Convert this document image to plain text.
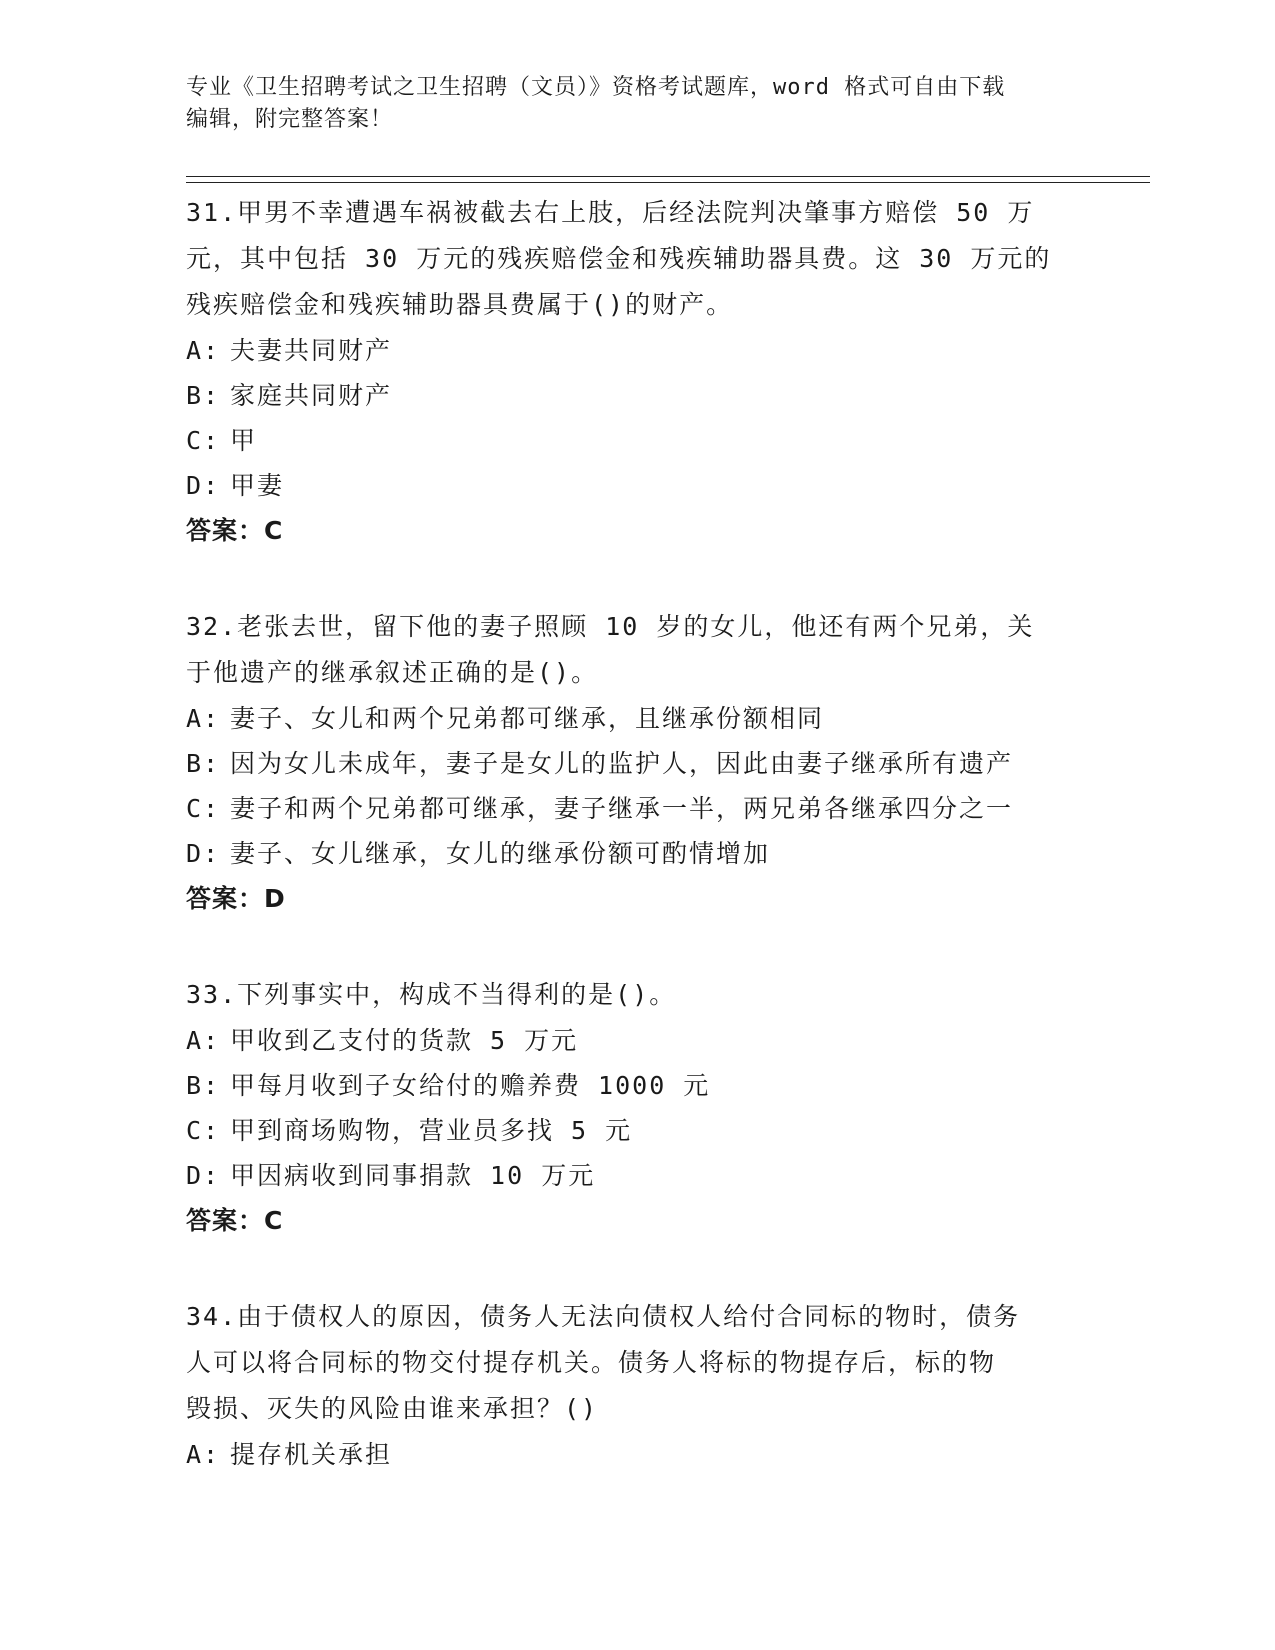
专业《卫生招聘考试之卫生招聘（文员）》资格考试题库，word 格式可自由下载
编辑，附完整答案！
31.甲男不幸遭遇车祸被截去右上肢，后经法院判决肇事方赔偿 50 万
元，其中包括 30 万元的残疾赔偿金和残疾辅助器具费。这 30 万元的
残疾赔偿金和残疾辅助器具费属于()的财产。
A: 夫妻共同财产
B: 家庭共同财产
C: 甲
D: 甲妻
答案：C
32.老张去世，留下他的妻子照顾 10 岁的女儿，他还有两个兄弟，关
于他遗产的继承叙述正确的是()。
A: 妻子、女儿和两个兄弟都可继承，且继承份额相同
B: 因为女儿未成年，妻子是女儿的监护人，因此由妻子继承所有遗产
C: 妻子和两个兄弟都可继承，妻子继承一半，两兄弟各继承四分之一
D: 妻子、女儿继承，女儿的继承份额可酌情增加
答案：D
33.下列事实中，构成不当得利的是()。
A: 甲收到乙支付的货款 5 万元
B: 甲每月收到子女给付的赡养费 1000 元
C: 甲到商场购物，营业员多找 5 元
D: 甲因病收到同事捐款 10 万元
答案：C
34.由于债权人的原因，债务人无法向债权人给付合同标的物时，债务
人可以将合同标的物交付提存机关。债务人将标的物提存后，标的物
毁损、灭失的风险由谁来承担？()
A: 提存机关承担
